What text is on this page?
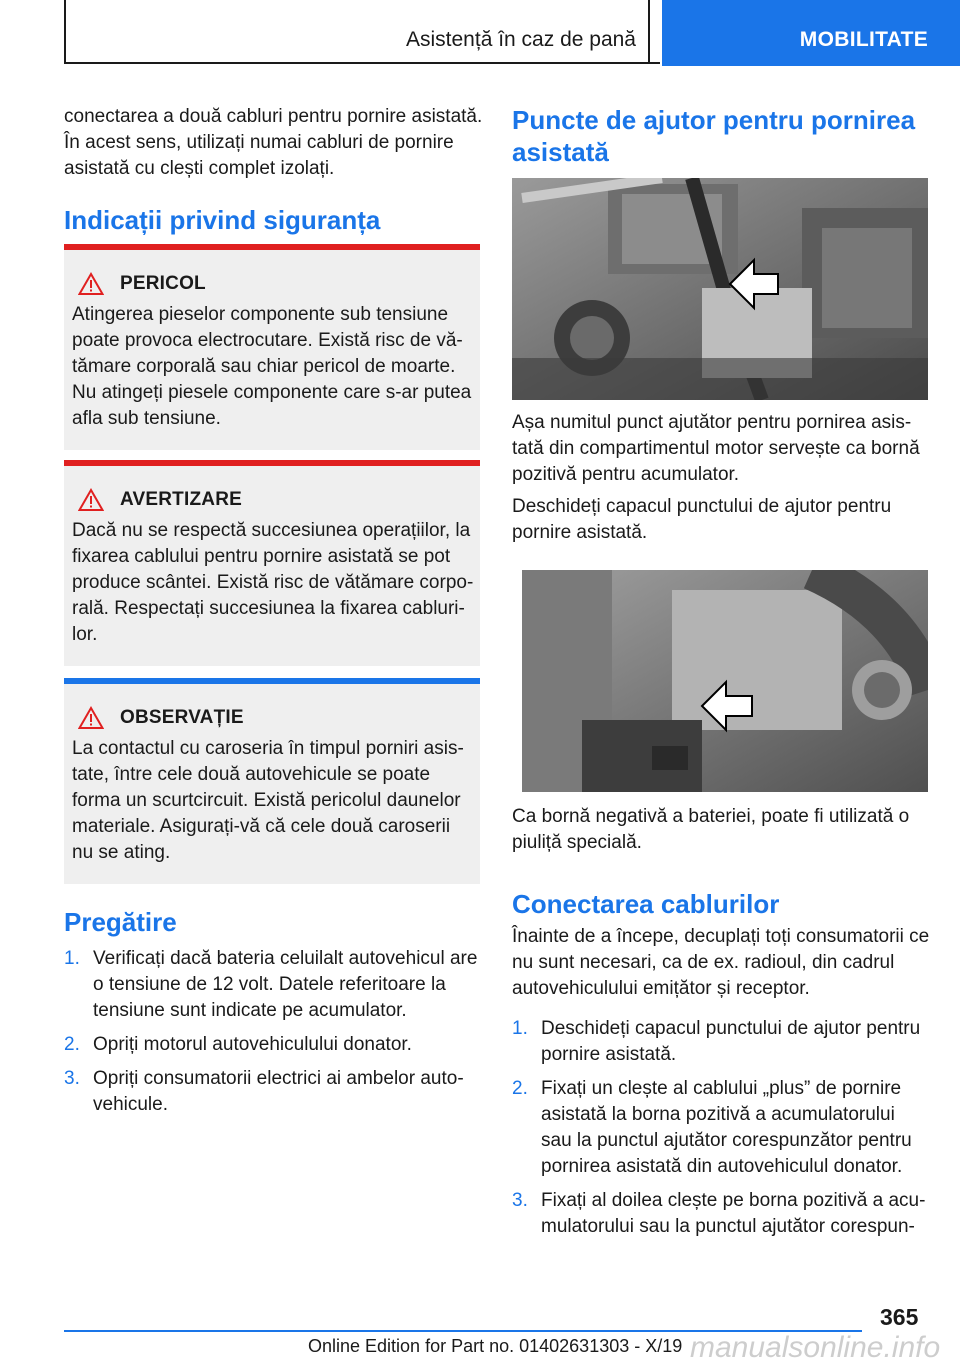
Asistență în caz de pană	MOBILITATE

conectarea a două cabluri pentru pornire asistată. În acest sens, utilizați numai cabluri de pornire asistată cu clești complet izolați.

Indicații privind siguranța
PERICOL
Atingerea pieselor componente sub tensiune poate provoca electrocutare. Există risc de vătămare corporală sau chiar pericol de moarte. Nu atingeți piesele componente care s-ar putea afla sub tensiune.
AVERTIZARE
Dacă nu se respectă succesiunea operațiilor, la fixarea cablului pentru pornire asistată se pot produce scântei. Există risc de vătămare corporală. Respectați succesiunea la fixarea cablurilor.
OBSERVAȚIE
La contactul cu caroseria în timpul porniri asistate, între cele două autovehicule se poate forma un scurtcircuit. Există pericolul daunelor materiale. Asigurați-vă că cele două caroserii nu se ating.
Pregătire
1. Verificați dacă bateria celuilalt autovehicul are o tensiune de 12 volt. Datele referitoare la tensiune sunt indicate pe acumulator.
2. Opriți motorul autovehiculului donator.
3. Opriți consumatorii electrici ai ambelor autovehicule.
Puncte de ajutor pentru pornirea asistată

Așa numitul punct ajutător pentru pornirea asistată din compartimentul motor servește ca bornă pozitivă pentru acumulator.

Deschideți capacul punctului de ajutor pentru pornire asistată.

Ca bornă negativă a bateriei, poate fi utilizată o piuliță specială.

Conectarea cablurilor

Înainte de a începe, decuplați toți consumatorii ce nu sunt necesari, ca de ex. radioul, din cadrul autovehiculului emițător și receptor.

1. Deschideți capacul punctului de ajutor pentru pornire asistată.
2. Fixați un clește al cablului „plus” de pornire asistată la borna pozitivă a acumulatorului sau la punctul ajutător corespunzător pentru pornirea asistată din autovehiculul donator.
3. Fixați al doilea clește pe borna pozitivă a acumulatorului sau la punctul ajutător corespun-
365
Online Edition for Part no. 01402631303 - X/19 manualsonline.info
